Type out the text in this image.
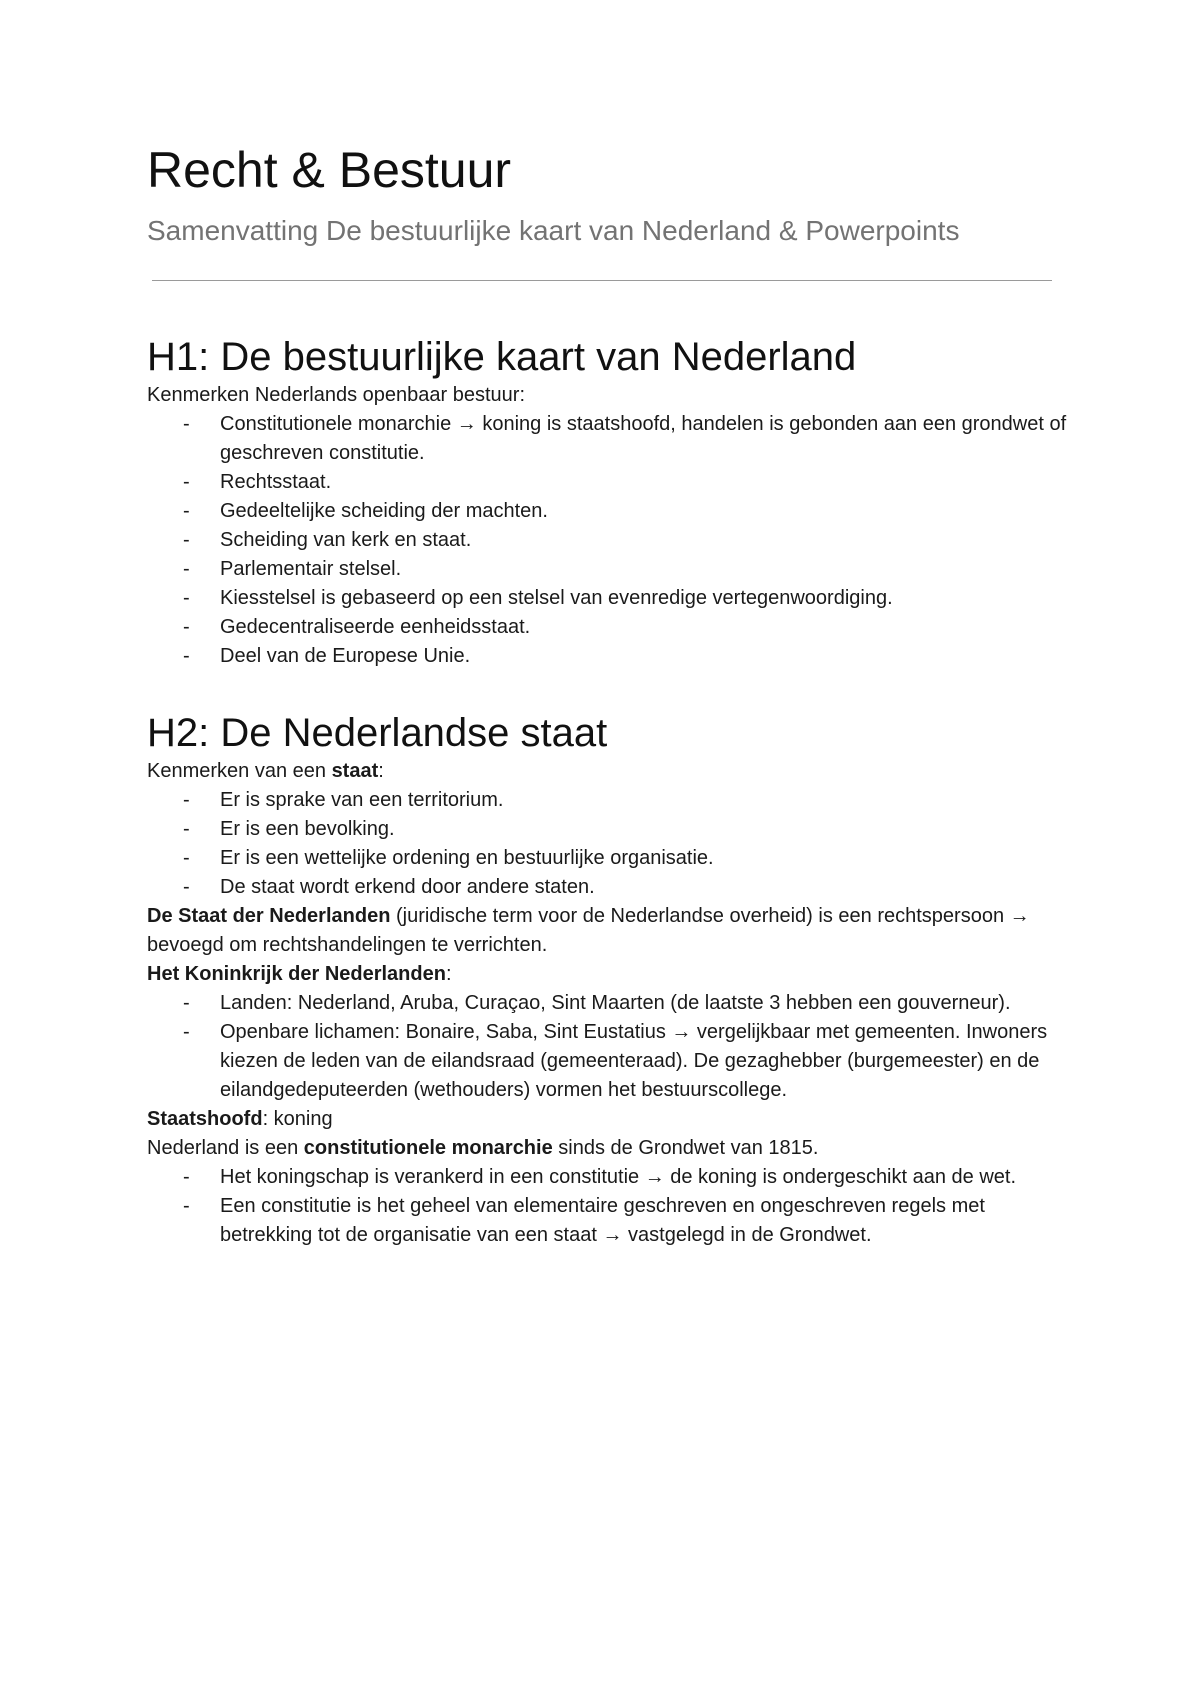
Recht & Bestuur

Samenvatting De bestuurlijke kaart van Nederland & Powerpoints

H1: De bestuurlijke kaart van Nederland

Kenmerken Nederlands openbaar bestuur:

- Constitutionele monarchie → koning is staatshoofd, handelen is gebonden aan een grondwet of geschreven constitutie.
- Rechtsstaat.
- Gedeeltelijke scheiding der machten.
- Scheiding van kerk en staat.
- Parlementair stelsel.
- Kiesstelsel is gebaseerd op een stelsel van evenredige vertegenwoordiging.
- Gedecentraliseerde eenheidsstaat.
- Deel van de Europese Unie.
H2: De Nederlandse staat

Kenmerken van een staat:

- Er is sprake van een territorium.
- Er is een bevolking.
- Er is een wettelijke ordening en bestuurlijke organisatie.
- De staat wordt erkend door andere staten.

De Staat der Nederlanden (juridische term voor de Nederlandse overheid) is een rechtspersoon → bevoegd om rechtshandelingen te verrichten.

Het Koninkrijk der Nederlanden:

- Landen: Nederland, Aruba, Curaçao, Sint Maarten (de laatste 3 hebben een gouverneur).
- Openbare lichamen: Bonaire, Saba, Sint Eustatius → vergelijkbaar met gemeenten. Inwoners kiezen de leden van de eilandsraad (gemeenteraad). De gezaghebber (burgemeester) en de eilandgedeputeerden (wethouders) vormen het bestuurscollege.

Staatshoofd: koning

Nederland is een constitutionele monarchie sinds de Grondwet van 1815.

- Het koningschap is verankerd in een constitutie → de koning is ondergeschikt aan de wet.
- Een constitutie is het geheel van elementaire geschreven en ongeschreven regels met betrekking tot de organisatie van een staat → vastgelegd in de Grondwet.
